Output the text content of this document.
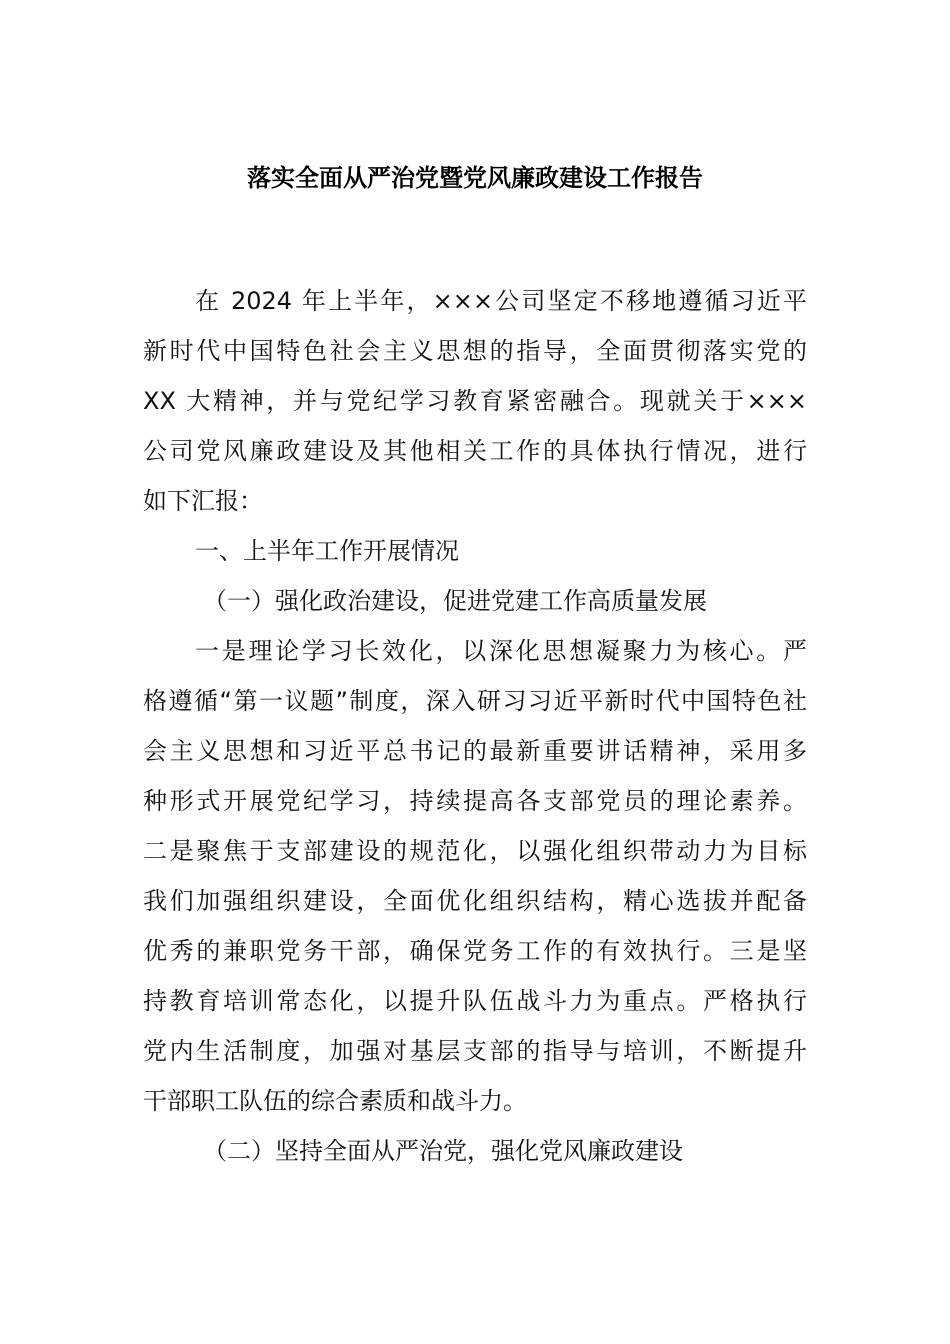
落实全面从严治党暨党风廉政建设工作报告

在 2024 年上半年，×××公司坚定不移地遵循习近平

新时代中国特色社会主义思想的指导，全面贯彻落实党的

XX 大精神，并与党纪学习教育紧密融合。现就关于×××

公司党风廉政建设及其他相关工作的具体执行情况，进行

如下汇报：

一、上半年工作开展情况

（一）强化政治建设，促进党建工作高质量发展

一是理论学习长效化，以深化思想凝聚力为核心。严

格遵循“第一议题”制度，深入研习习近平新时代中国特色社

会主义思想和习近平总书记的最新重要讲话精神，采用多

种形式开展党纪学习，持续提高各支部党员的理论素养。

二是聚焦于支部建设的规范化，以强化组织带动力为目标

我们加强组织建设，全面优化组织结构，精心选拔并配备

优秀的兼职党务干部，确保党务工作的有效执行。三是坚

持教育培训常态化，以提升队伍战斗力为重点。严格执行

党内生活制度，加强对基层支部的指导与培训，不断提升

干部职工队伍的综合素质和战斗力。

（二）坚持全面从严治党，强化党风廉政建设
